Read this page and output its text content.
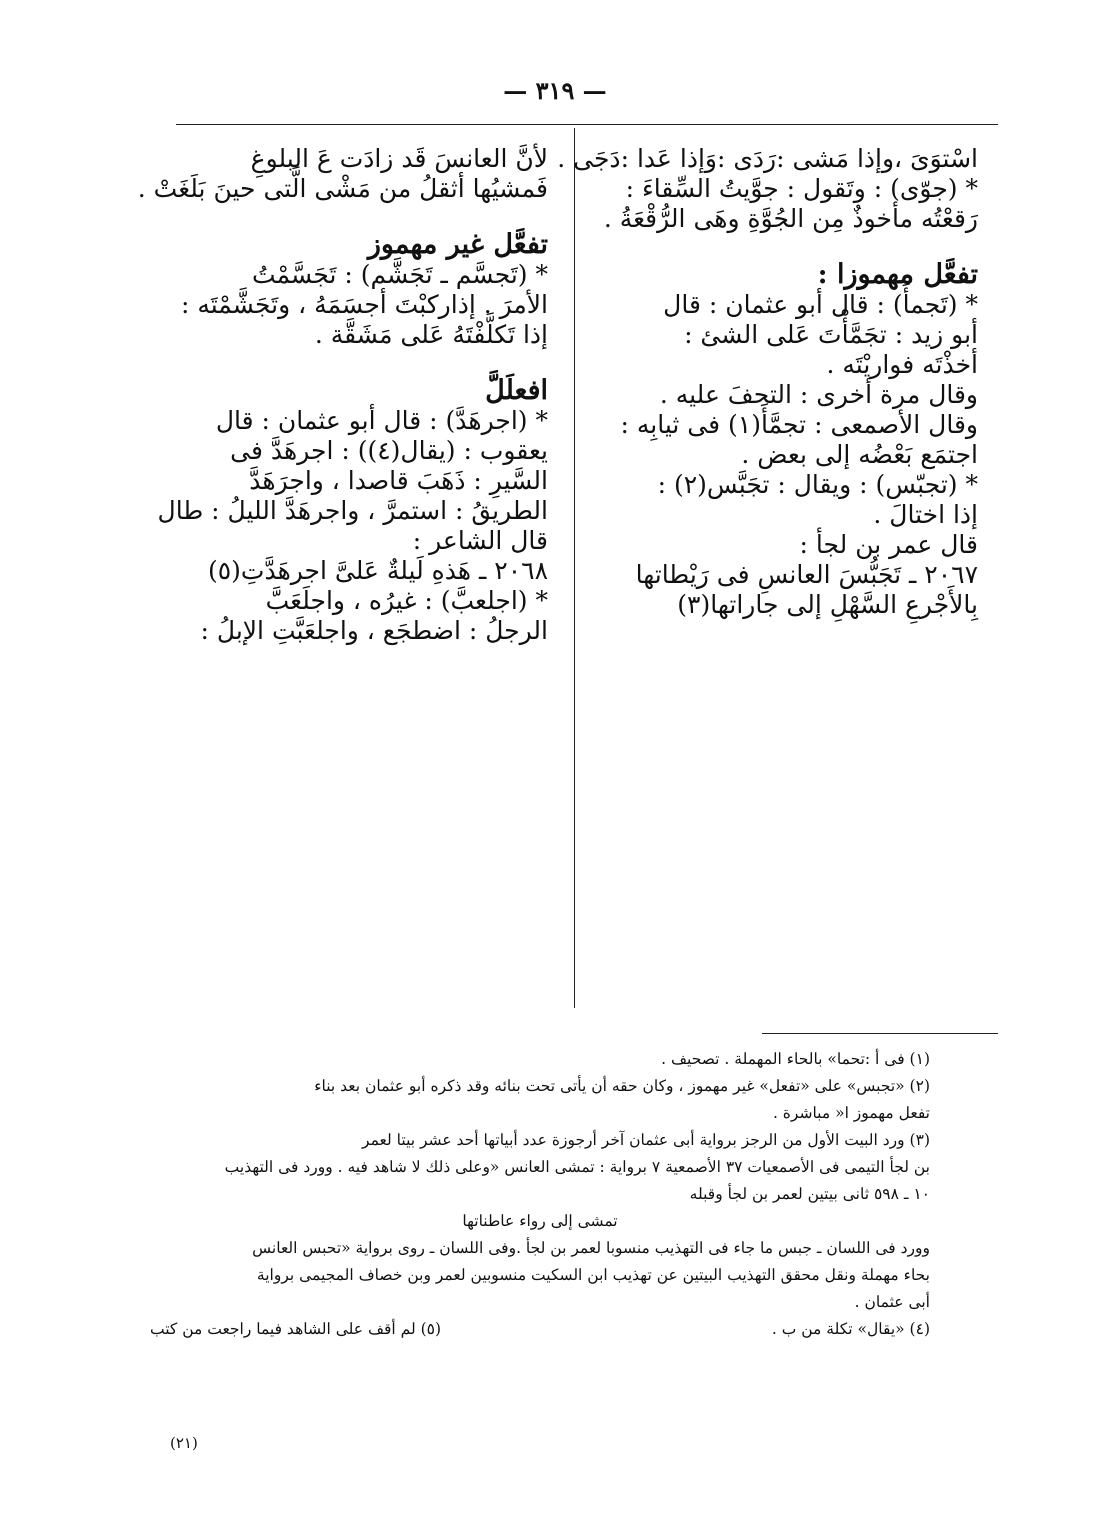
— ٣١٩ —
اسْتوَىَ ،وإذا مَشى :رَدَى :وَإذا عَدا :دَجَى .
* (جوّى) : وتَقول : جوَّيتُ السِّقاءَ :
رَقعْتُه مأخوذٌ مِن الجُوَّةِ وهَى الرُّقْعَةُ .
تفعَّل مهموزا :
* (تَجمأَ) : قال أبو عثمان : قال
أبو زيد : تجَمَّأْتَ عَلى الشئ :
أخذْتَه فواريْتَه .
وقال مرة أخرى : التحفَ عليه .
وقال الأصمعى : تجمَّأَ(١) فى ثيابِه :
اجتمَع بَعْضُه إلى بعض .
* (تجبّس) : ويقال : تجَبَّس(٢) :
إذا اختالَ .
قال عمر بن لجأ :
٢٠٦٧ ـ تَجَبُّسَ العانسِ فى رَيْطاتها
بِالأَجْرعِ السَّهْلِ إلى جاراتها(٣)
لأنَّ العانسَ قَد زادَت عَ البلوغِ
فَمشيُها أثقلُ من مَشْى الَّتى حينَ بَلَغَتْ .
تفعَّل غير مهموز
* (تَجسَّم ـ تَجَشَّم) : تَجَسَّمْتُ
الأمرَ . إذاركبْتَ أجسَمَهُ ، وتَجَشَّمْتَه :
إذا تَكلَّفْتَهُ عَلى مَشَقَّة .
افعلَلَّ
* (اجرهَدَّ) : قال أبو عثمان : قال
يعقوب : (يقال(٤)) : اجرهَدَّ فى
السَّيرِ : ذَهَبَ قاصدا ، واجرَهَدَّ
الطريقُ : استمرَّ ، واجرهَدَّ الليلُ : طال
قال الشاعر :
٢٠٦٨ ـ هَذهِ لَيلةٌ عَلىَّ اجرهَدَّتِ(٥)
* (اجلعبَّ) : غيرُه ، واجلَعَبَّ
الرجلُ : اضطجَع ، واجلعَبَّتِ الإبلُ :
(١) فى أ :تحما» بالحاء المهملة . تصحيف .
(٢) «تجبس» على «تفعل» غير مهموز ، وكان حقه أن يأتى تحت بنائه وقد ذكره أبو عثمان بعد بناء
تفعل مهموز ا« مباشرة .
(٣) ورد البيت الأول من الرجز برواية أبى عثمان آخر أرجوزة عدد أبياتها أحد عشر بيتا لعمر
بن لجأ التيمى فى الأصمعيات ٣٧ الأصمعية ٧ برواية : تمشى العانس «وعلى ذلك لا شاهد فيه . وورد فى التهذيب
١٠ ـ ٥٩٨ ثانى بيتين لعمر بن لجأ وقبله
تمشى إلى رواء عاطناتها
وورد فى اللسان ـ جبس ما جاء فى التهذيب منسوبا لعمر بن لجأ .وفى اللسان ـ روى برواية «تحبس العانس
بحاء مهملة ونقل محقق التهذيب البيتين عن تهذيب ابن السكيت منسوبين لعمر وبن خصاف المجيمى برواية
أبى عثمان .
(٤) «يقال» تكلة من ب .
(٥) لم أقف على الشاهد فيما راجعت من كتب
(٢١)
